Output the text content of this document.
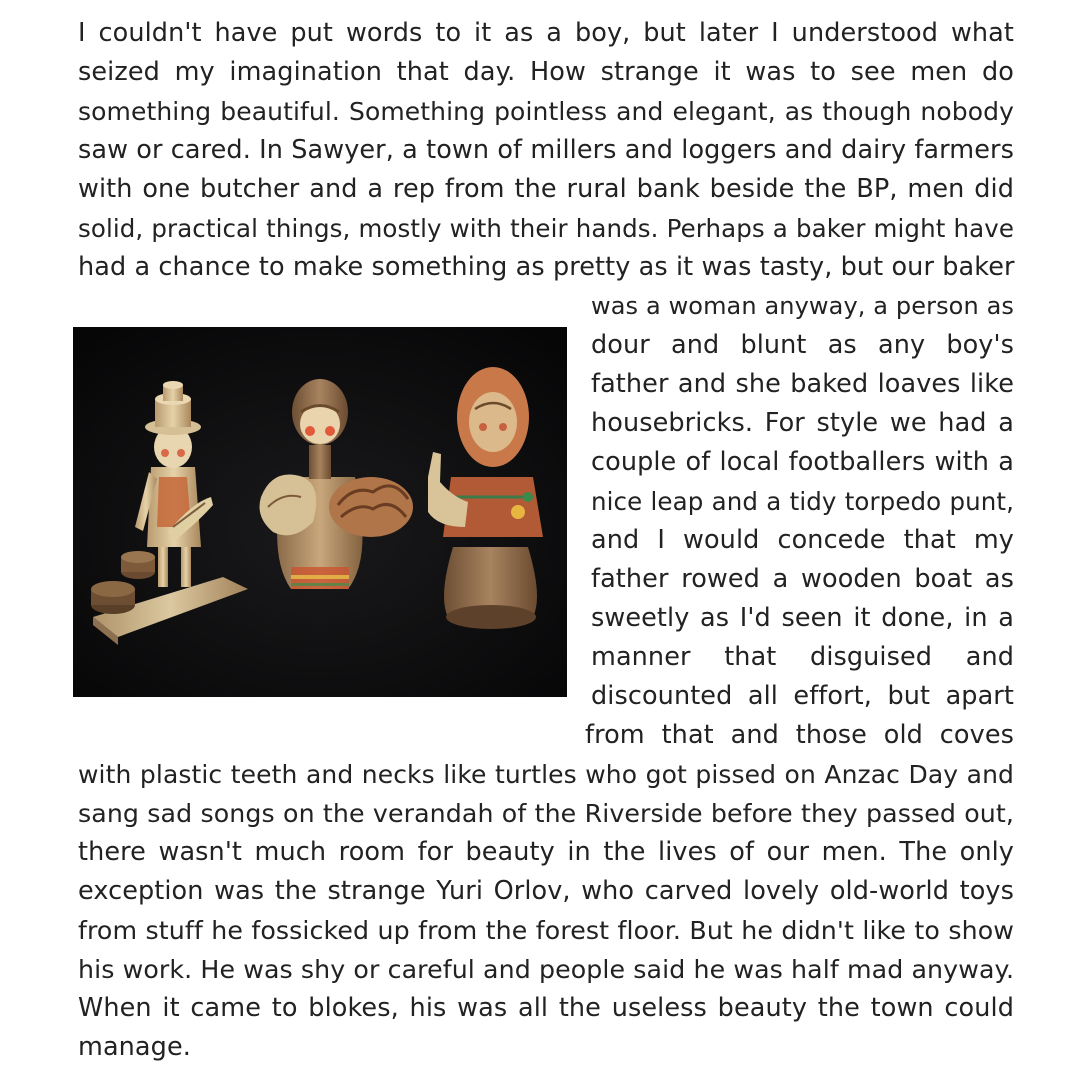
I couldn't have put words to it as a boy, but later I understood what
seized my imagination that day. How strange it was to see men do
something beautiful. Something pointless and elegant, as though nobody
saw or cared. In Sawyer, a town of millers and loggers and dairy farmers
with one butcher and a rep from the rural bank beside the BP, men did
solid, practical things, mostly with their hands. Perhaps a baker might have
had a chance to make something as pretty as it was tasty, but our baker
was a woman anyway, a person as
dour and blunt as any boy's
father and she baked loaves like
housebricks. For style we had a
couple of local footballers with a
nice leap and a tidy torpedo punt,
and I would concede that my
father rowed a wooden boat as
sweetly as I'd seen it done, in a
manner that disguised and
discounted all effort, but apart
from that and those old coves
with plastic teeth and necks like turtles who got pissed on Anzac Day and
sang sad songs on the verandah of the Riverside before they passed out,
there wasn't much room for beauty in the lives of our men. The only
exception was the strange Yuri Orlov, who carved lovely old-world toys
from stuff he fossicked up from the forest floor. But he didn't like to show
his work. He was shy or careful and people said he was half mad anyway.
When it came to blokes, his was all the useless beauty the town could
manage.
